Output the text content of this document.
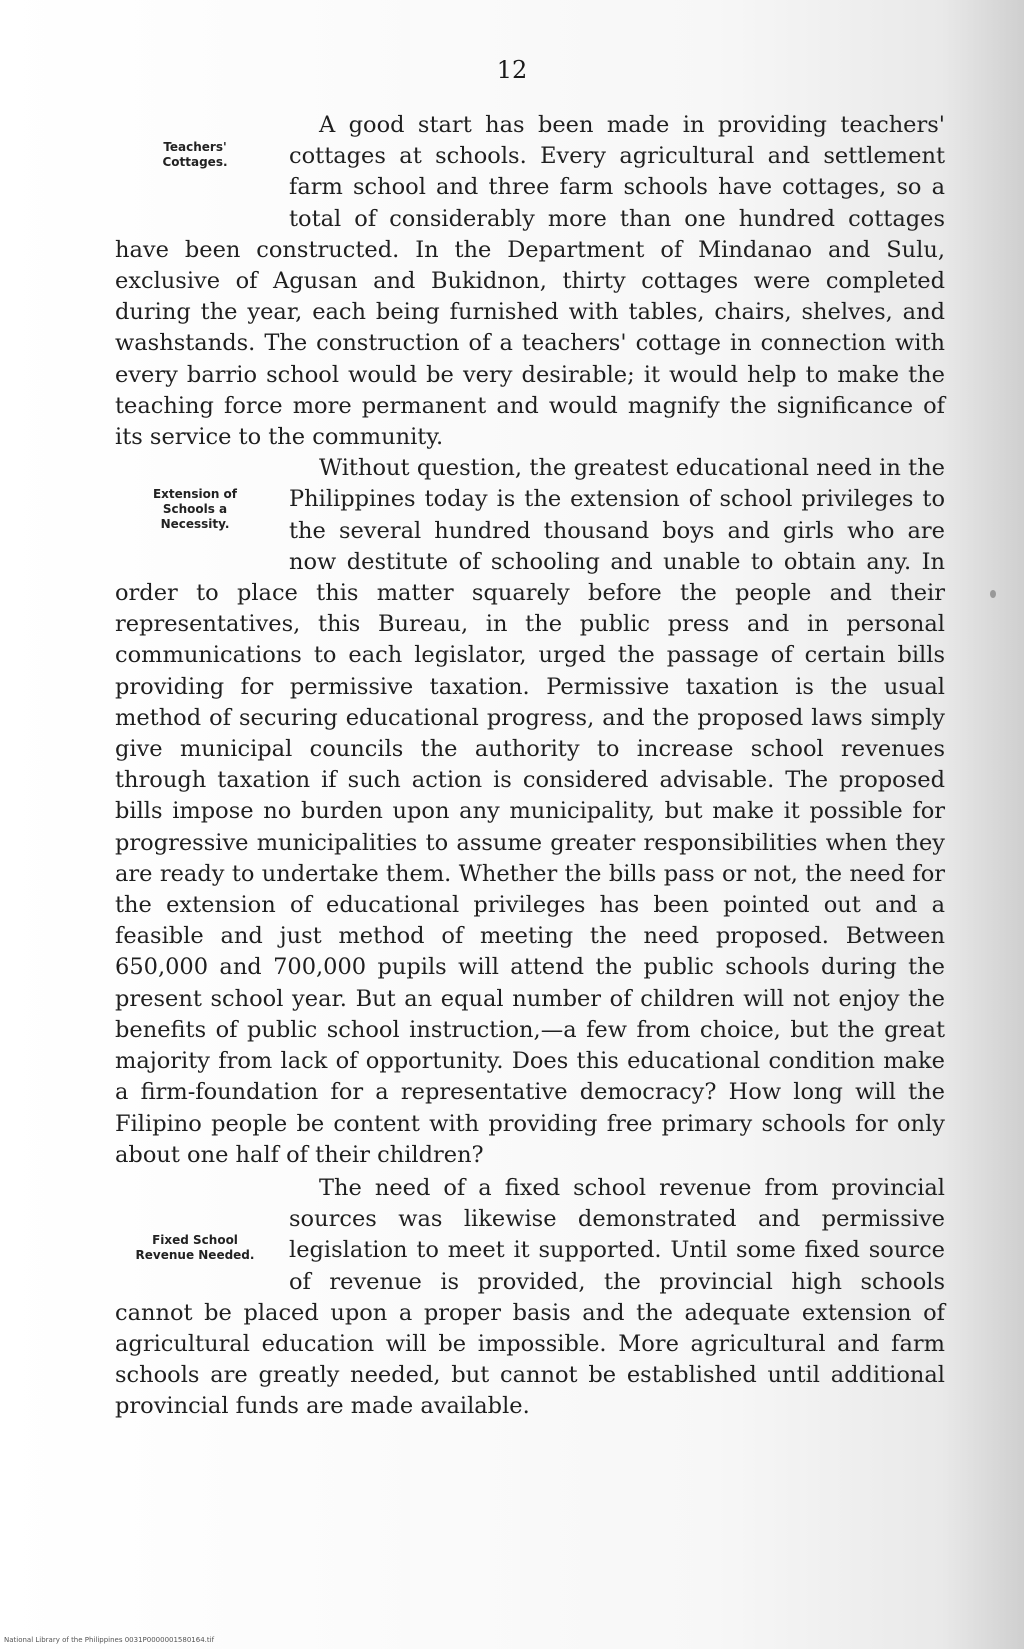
12

Teachers'
Cottages.
A good start has been made in providing teachers' cottages at schools. Every agricultural and settlement farm school and three farm schools have cottages, so a total of considerably more than one hundred cottages have been constructed. In the Department of Mindanao and Sulu, exclusive of Agusan and Bukidnon, thirty cottages were completed during the year, each being furnished with tables, chairs, shelves, and washstands. The construction of a teachers' cottage in connection with every barrio school would be very desirable; it would help to make the teaching force more permanent and would magnify the significance of its service to the community.

Extension of
Schools a
Necessity.
Without question, the greatest educational need in the Philippines today is the extension of school privileges to the several hundred thousand boys and girls who are now destitute of schooling and unable to obtain any. In order to place this matter squarely before the people and their representatives, this Bureau, in the public press and in personal communications to each legislator, urged the passage of certain bills providing for permissive taxation. Permissive taxation is the usual method of securing educational progress, and the proposed laws simply give municipal councils the authority to increase school revenues through taxation if such action is considered advisable. The proposed bills impose no burden upon any municipality, but make it possible for progressive municipalities to assume greater responsibilities when they are ready to undertake them. Whether the bills pass or not, the need for the extension of educational privileges has been pointed out and a feasible and just method of meeting the need proposed. Between 650,000 and 700,000 pupils will attend the public schools during the present school year. But an equal number of children will not enjoy the benefits of public school instruction,—a few from choice, but the great majority from lack of opportunity. Does this educational condition make a firm-foundation for a representative democracy? How long will the Filipino people be content with providing free primary schools for only about one half of their children?

Fixed School
Revenue Needed.
The need of a fixed school revenue from provincial sources was likewise demonstrated and permissive legislation to meet it supported. Until some fixed source of revenue is provided, the provincial high schools cannot be placed upon a proper basis and the adequate extension of agricultural education will be impossible. More agricultural and farm schools are greatly needed, but cannot be established until additional provincial funds are made available.

National Library of the Philippines 0031P0000001580164.tif
